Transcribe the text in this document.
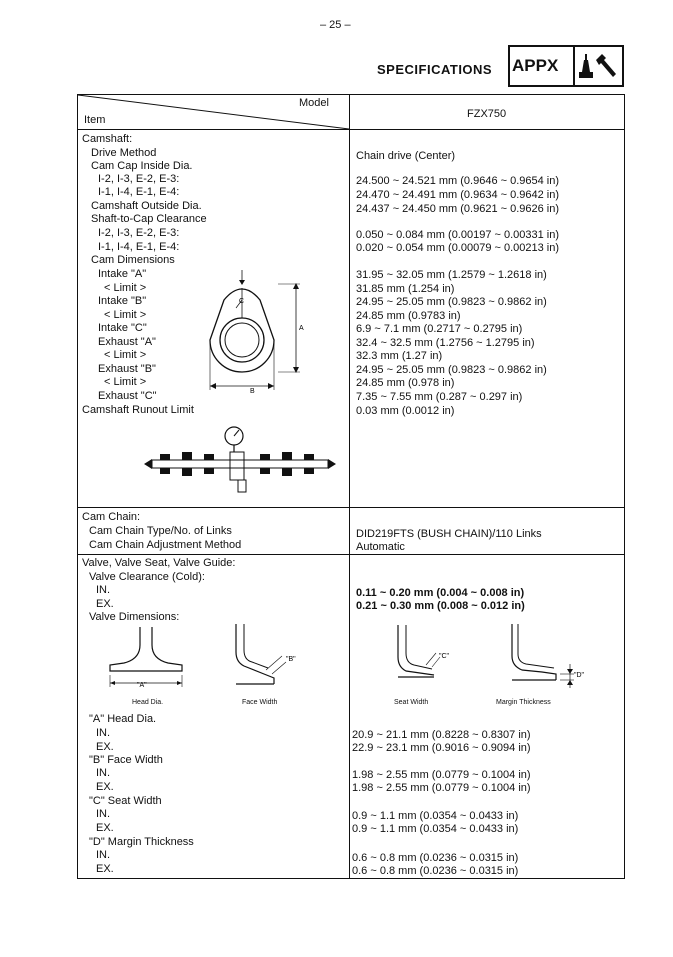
– 25 –
SPECIFICATIONS APPX
Model
Item	FZX750
Camshaft:
Drive Method	Chain drive (Center)
Cam Cap Inside Dia.
I-2, I-3, E-2, E-3:	24.500 ~ 24.521 mm (0.9646 ~ 0.9654 in)
I-1, I-4, E-1, E-4:	24.470 ~ 24.491 mm (0.9634 ~ 0.9642 in)
Camshaft Outside Dia.	24.437 ~ 24.450 mm (0.9621 ~ 0.9626 in)
Shaft-to-Cap Clearance
I-2, I-3, E-2, E-3:	0.050 ~ 0.084 mm (0.00197 ~ 0.00331 in)
I-1, I-4, E-1, E-4:	0.020 ~ 0.054 mm (0.00079 ~ 0.00213 in)
Cam Dimensions
Intake "A"	31.95 ~ 32.05 mm (1.2579 ~ 1.2618 in)
< Limit >	31.85 mm (1.254 in)
Intake "B"	24.95 ~ 25.05 mm (0.9823 ~ 0.9862 in)
< Limit >	24.85 mm (0.9783 in)
Intake "C"	6.9 ~ 7.1 mm (0.2717 ~ 0.2795 in)
Exhaust "A"	32.4 ~ 32.5 mm (1.2756 ~ 1.2795 in)
< Limit >	32.3 mm (1.27 in)
Exhaust "B"	24.95 ~ 25.05 mm (0.9823 ~ 0.9862 in)
< Limit >	24.85 mm (0.978 in)
Exhaust "C"	7.35 ~ 7.55 mm (0.287 ~ 0.297 in)
Camshaft Runout Limit	0.03 mm (0.0012 in)
C
A
B
Cam Chain:
Cam Chain Type/No. of Links	DID219FTS (BUSH CHAIN)/110 Links
Cam Chain Adjustment Method	Automatic
Valve, Valve Seat, Valve Guide:
Valve Clearance (Cold):
IN.	0.11 ~ 0.20 mm (0.004 ~ 0.008 in)
EX.	0.21 ~ 0.30 mm (0.008 ~ 0.012 in)
Valve Dimensions:
"A"
Head Dia.
"B"
Face Width
"C"
Seat Width
"D"
Margin Thickness
"A" Head Dia.
IN.	20.9 ~ 21.1 mm (0.8228 ~ 0.8307 in)
EX.	22.9 ~ 23.1 mm (0.9016 ~ 0.9094 in)
"B" Face Width
IN.	1.98 ~ 2.55 mm (0.0779 ~ 0.1004 in)
EX.	1.98 ~ 2.55 mm (0.0779 ~ 0.1004 in)
"C" Seat Width
IN.	0.9 ~ 1.1 mm (0.0354 ~ 0.0433 in)
EX.	0.9 ~ 1.1 mm (0.0354 ~ 0.0433 in)
"D" Margin Thickness
IN.	0.6 ~ 0.8 mm (0.0236 ~ 0.0315 in)
EX.	0.6 ~ 0.8 mm (0.0236 ~ 0.0315 in)
